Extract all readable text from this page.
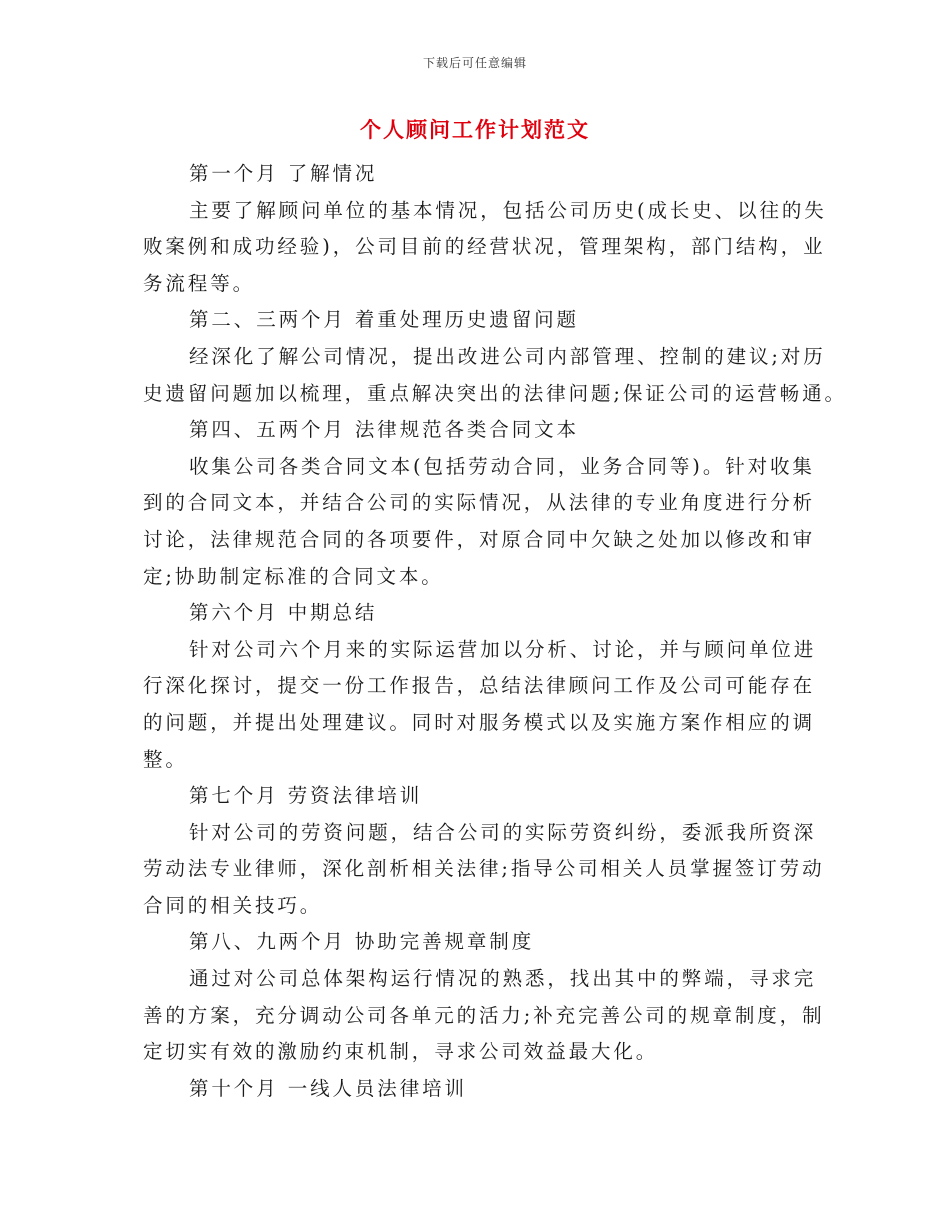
下载后可任意编辑
个人顾问工作计划范文
第一个月 了解情况
主要了解顾问单位的基本情况，包括公司历史(成长史、以往的失
败案例和成功经验)，公司目前的经营状况，管理架构，部门结构，业
务流程等。
第二、三两个月 着重处理历史遗留问题
经深化了解公司情况，提出改进公司内部管理、控制的建议;对历
史遗留问题加以梳理，重点解决突出的法律问题;保证公司的运营畅通。
第四、五两个月 法律规范各类合同文本
收集公司各类合同文本(包括劳动合同，业务合同等)。针对收集
到的合同文本，并结合公司的实际情况，从法律的专业角度进行分析
讨论，法律规范合同的各项要件，对原合同中欠缺之处加以修改和审
定;协助制定标准的合同文本。
第六个月 中期总结
针对公司六个月来的实际运营加以分析、讨论，并与顾问单位进
行深化探讨，提交一份工作报告，总结法律顾问工作及公司可能存在
的问题，并提出处理建议。同时对服务模式以及实施方案作相应的调
整。
第七个月 劳资法律培训
针对公司的劳资问题，结合公司的实际劳资纠纷，委派我所资深
劳动法专业律师，深化剖析相关法律;指导公司相关人员掌握签订劳动
合同的相关技巧。
第八、九两个月 协助完善规章制度
通过对公司总体架构运行情况的熟悉，找出其中的弊端，寻求完
善的方案，充分调动公司各单元的活力;补充完善公司的规章制度，制
定切实有效的激励约束机制，寻求公司效益最大化。
第十个月 一线人员法律培训
